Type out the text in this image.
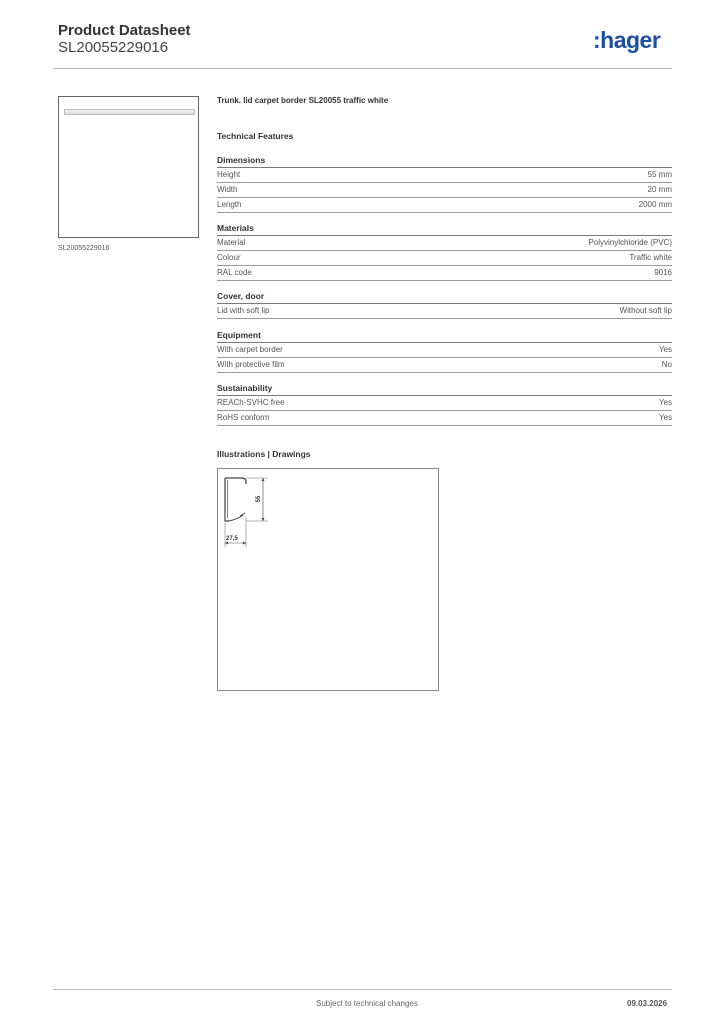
Product Datasheet
SL20055229016	:hager
SL20055229016
Trunk. lid carpet border SL20055 traffic white
Technical Features
Dimensions
Height	55 mm
Width	20 mm
Length	2000 mm
Materials
Material	Polyvinylchloride (PVC)
Colour	Traffic white
RAL code	9016
Cover, door
Lid with soft lip	Without soft lip
Equipment
With carpet border	Yes
With protective film	No
Sustainability
REACh-SVHC free	Yes
RoHS conform	Yes
Illustrations | Drawings
55
27,5
Subject to technical changes	09.03.2026
